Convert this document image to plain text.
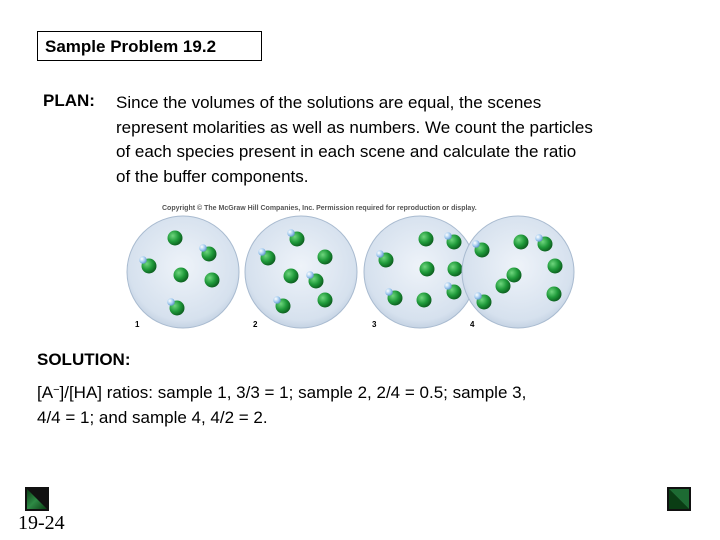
Sample Problem 19.2
PLAN: Since the volumes of the solutions are equal, the scenes
represent molarities as well as numbers. We count the particles
of each species present in each scene and calculate the ratio
of the buffer components.
1	2	3	4
Copyright © The McGraw Hill Companies, Inc. Permission required for reproduction or display.
SOLUTION:
[A−]/[HA] ratios: sample 1, 3/3 = 1; sample 2, 2/4 = 0.5; sample 3,
4/4 = 1; and sample 4, 4/2 = 2.
19-24
